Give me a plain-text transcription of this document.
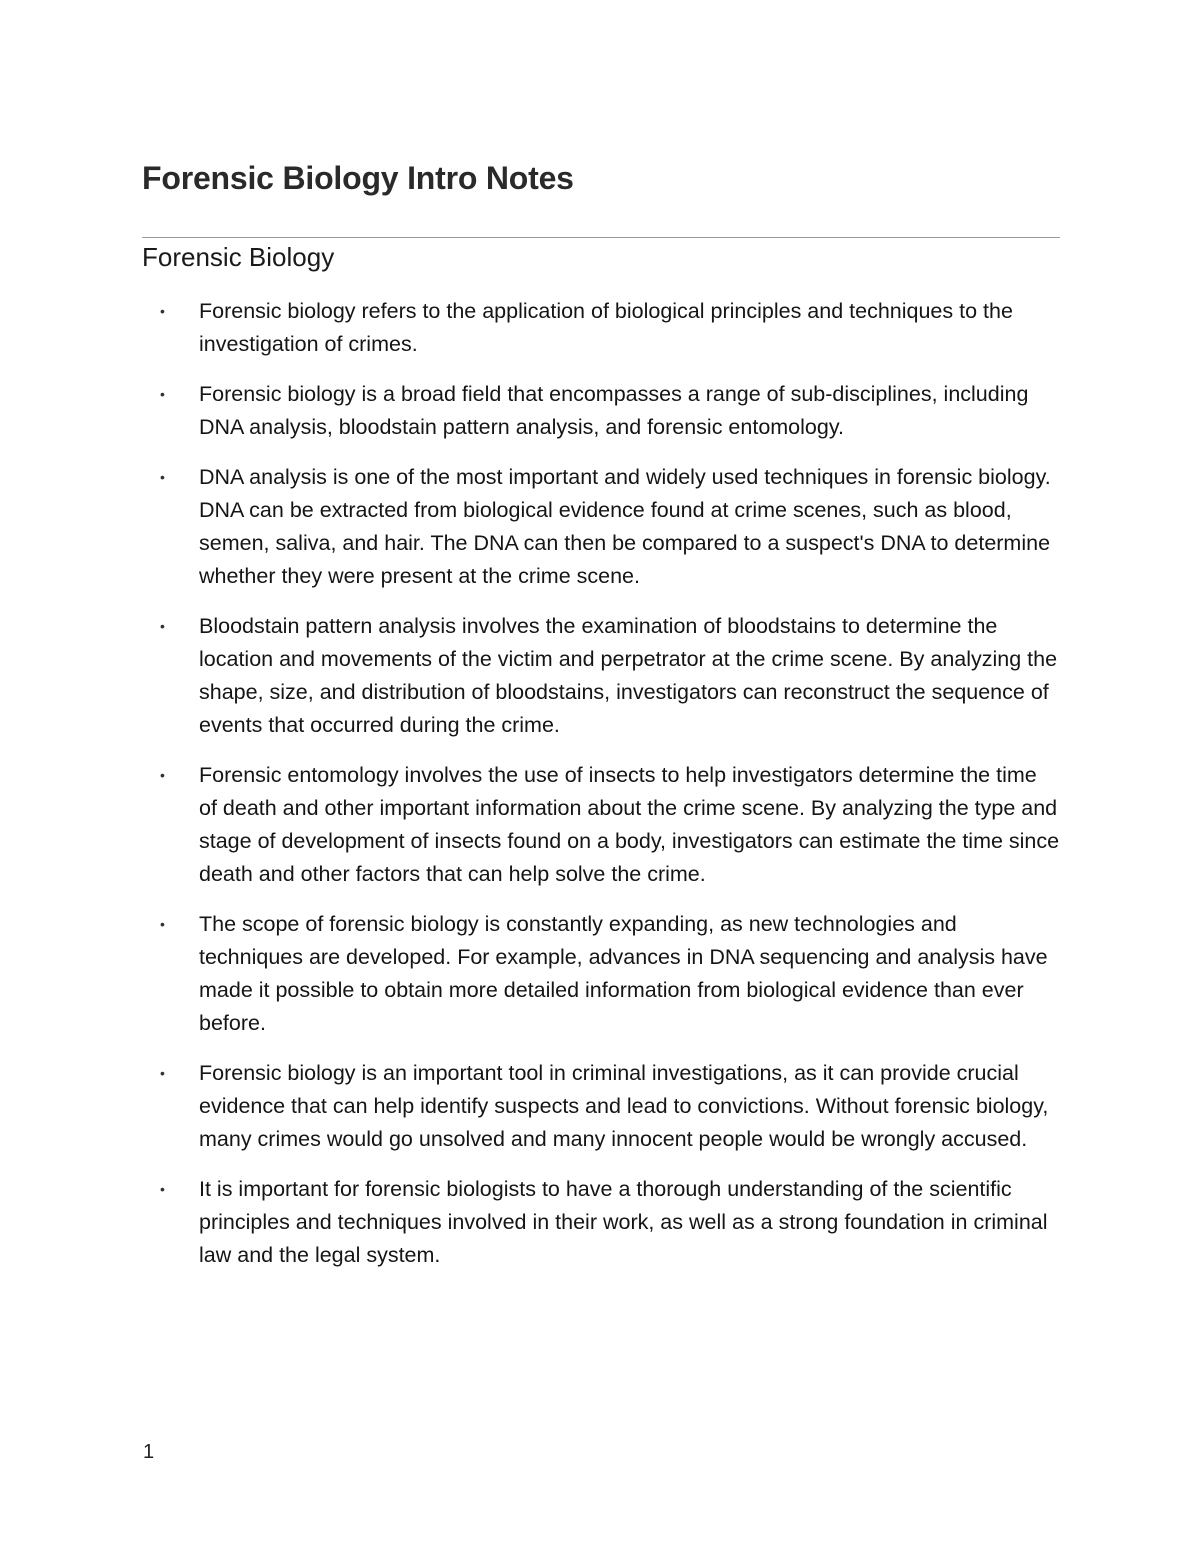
Forensic Biology Intro Notes
Forensic Biology
•	Forensic biology refers to the application of biological principles and techniques to the investigation of crimes.
•	Forensic biology is a broad field that encompasses a range of sub-disciplines, including DNA analysis, bloodstain pattern analysis, and forensic entomology.
•	DNA analysis is one of the most important and widely used techniques in forensic biology. DNA can be extracted from biological evidence found at crime scenes, such as blood, semen, saliva, and hair. The DNA can then be compared to a suspect's DNA to determine whether they were present at the crime scene.
•	Bloodstain pattern analysis involves the examination of bloodstains to determine the location and movements of the victim and perpetrator at the crime scene. By analyzing the shape, size, and distribution of bloodstains, investigators can reconstruct the sequence of events that occurred during the crime.
•	Forensic entomology involves the use of insects to help investigators determine the time of death and other important information about the crime scene. By analyzing the type and stage of development of insects found on a body, investigators can estimate the time since death and other factors that can help solve the crime.
•	The scope of forensic biology is constantly expanding, as new technologies and techniques are developed. For example, advances in DNA sequencing and analysis have made it possible to obtain more detailed information from biological evidence than ever before.
•	Forensic biology is an important tool in criminal investigations, as it can provide crucial evidence that can help identify suspects and lead to convictions. Without forensic biology, many crimes would go unsolved and many innocent people would be wrongly accused.
•	It is important for forensic biologists to have a thorough understanding of the scientific principles and techniques involved in their work, as well as a strong foundation in criminal law and the legal system.
1
